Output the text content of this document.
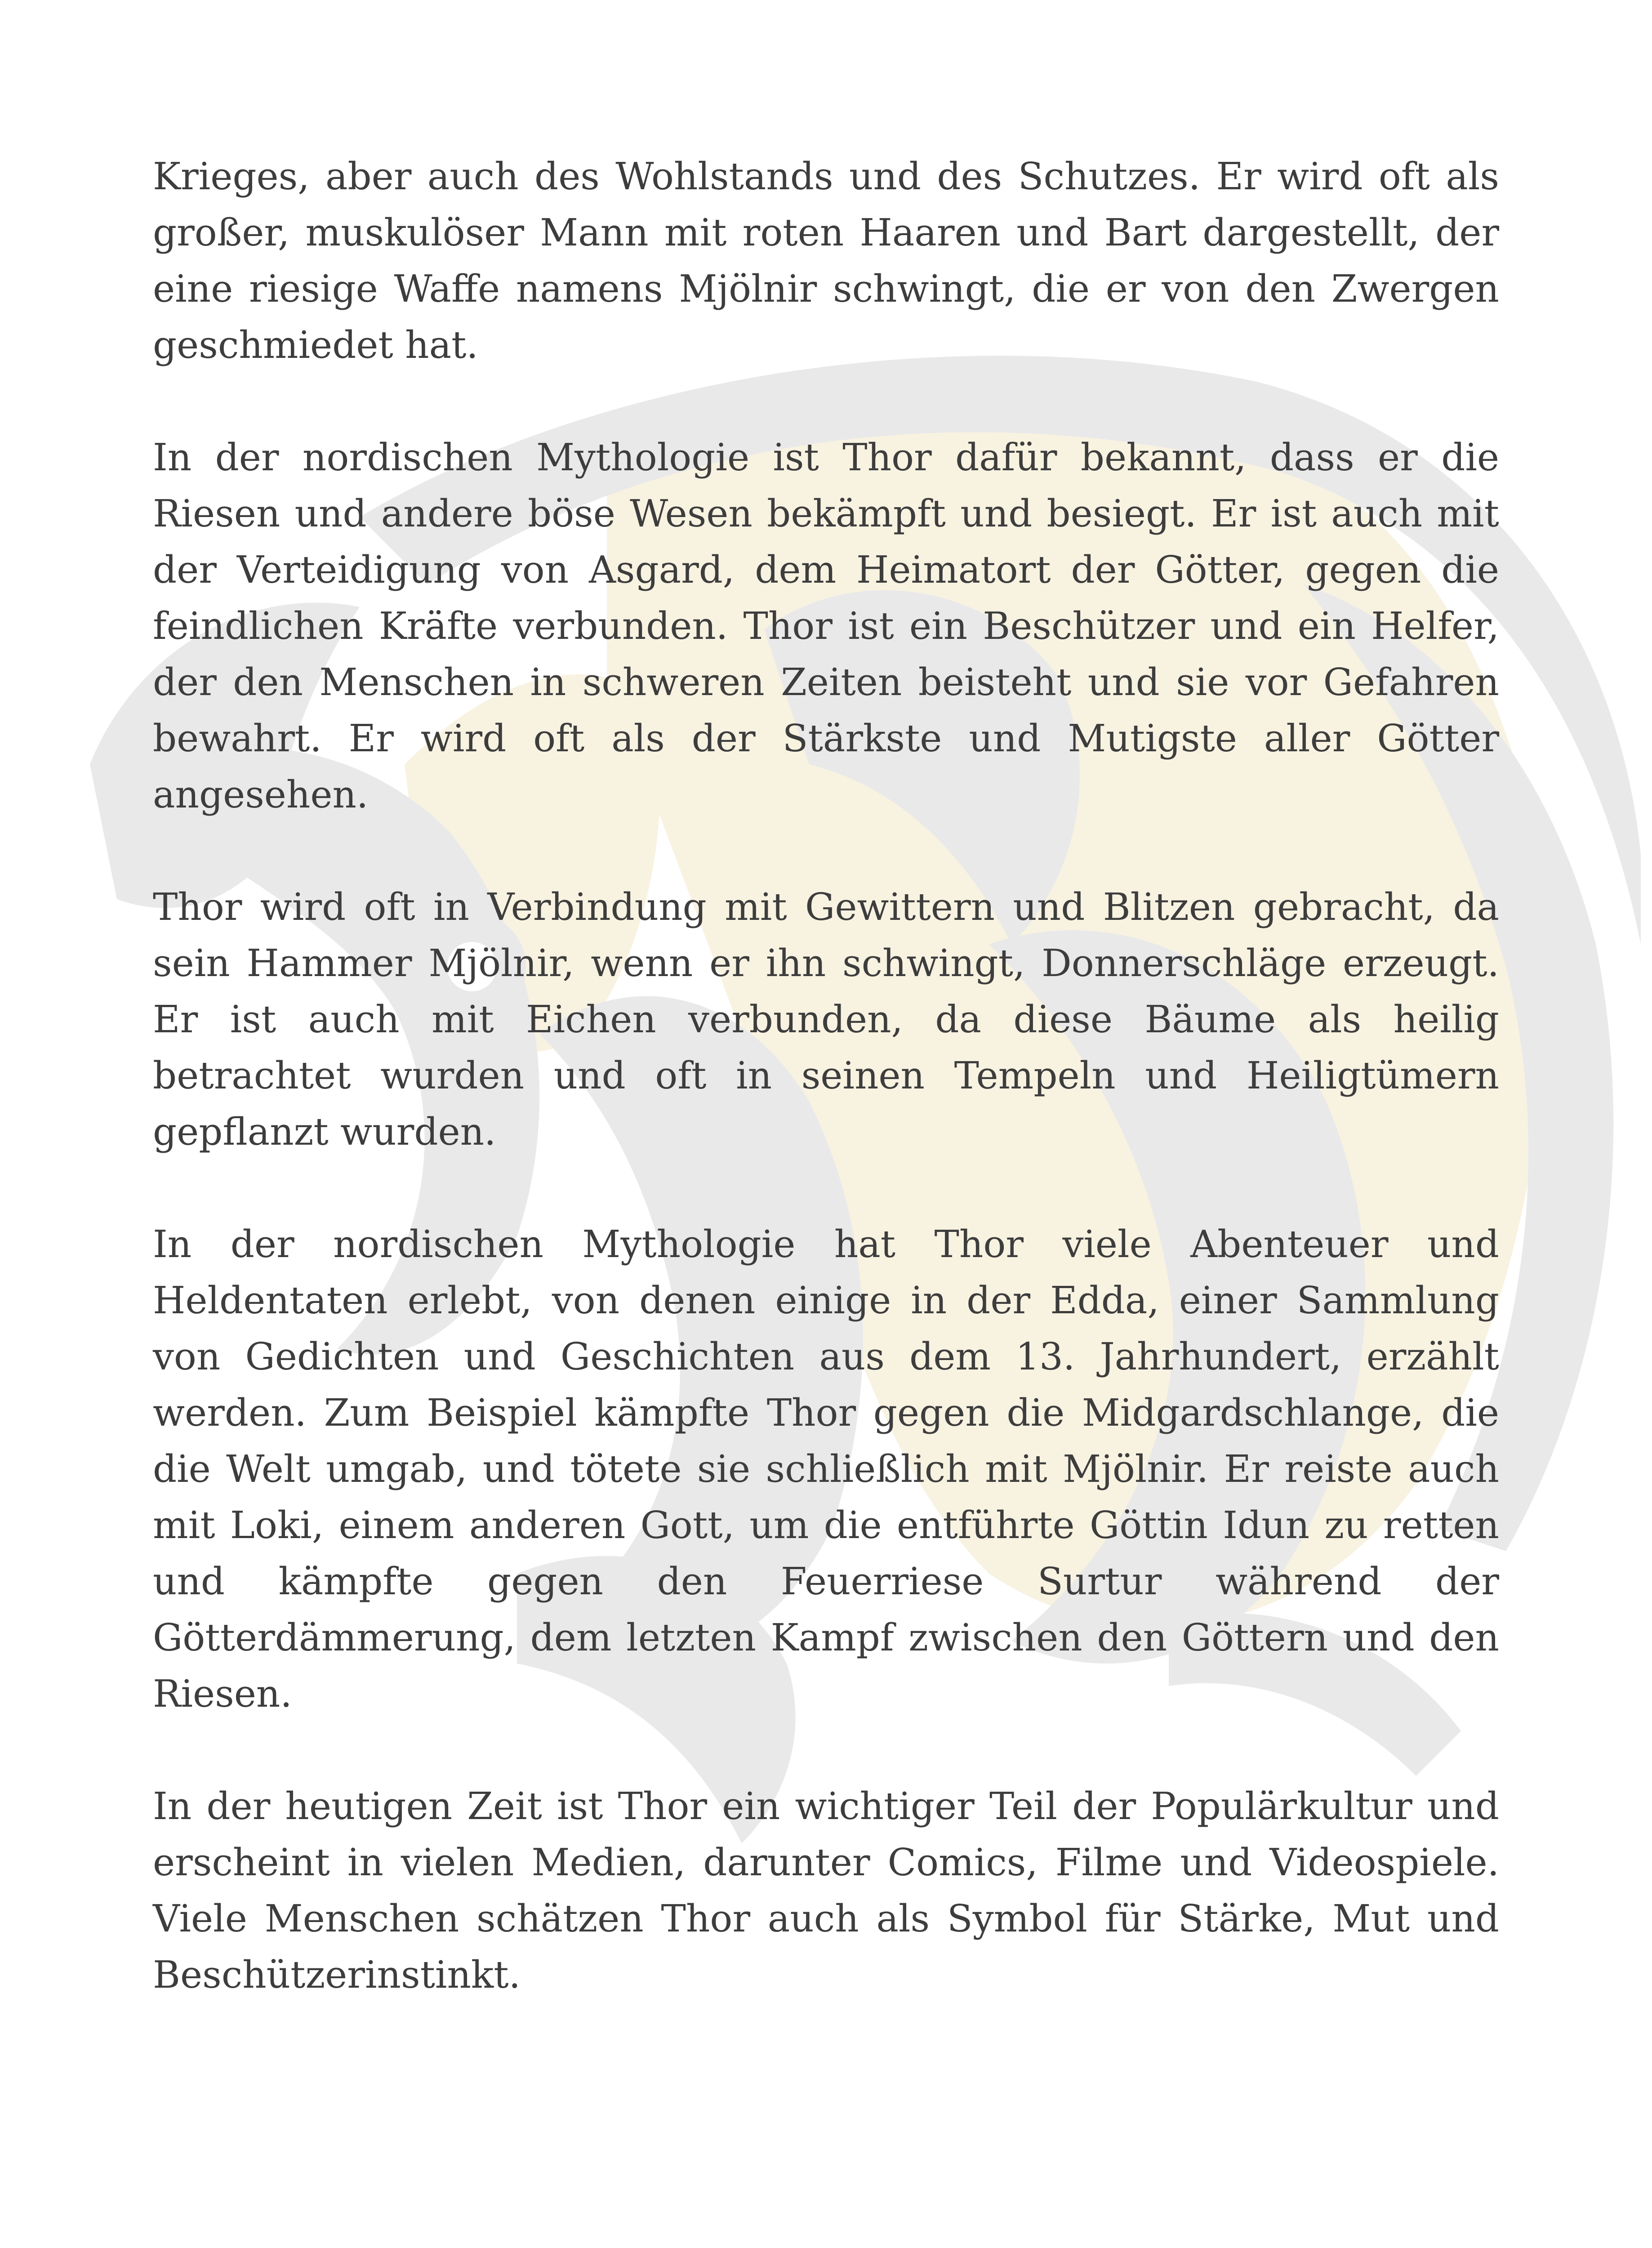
Krieges, aber auch des Wohlstands und des Schutzes. Er wird oft als großer, muskulöser Mann mit roten Haaren und Bart dargestellt, der eine riesige Waffe namens Mjölnir schwingt, die er von den Zwergen geschmiedet hat.

In der nordischen Mythologie ist Thor dafür bekannt, dass er die Riesen und andere böse Wesen bekämpft und besiegt. Er ist auch mit der Verteidigung von Asgard, dem Heimatort der Götter, gegen die feindlichen Kräfte verbunden. Thor ist ein Beschützer und ein Helfer, der den Menschen in schweren Zeiten beisteht und sie vor Gefahren bewahrt. Er wird oft als der Stärkste und Mutigste aller Götter angesehen.

Thor wird oft in Verbindung mit Gewittern und Blitzen gebracht, da sein Hammer Mjölnir, wenn er ihn schwingt, Donnerschläge erzeugt. Er ist auch mit Eichen verbunden, da diese Bäume als heilig betrachtet wurden und oft in seinen Tempeln und Heiligtümern gepflanzt wurden.

In der nordischen Mythologie hat Thor viele Abenteuer und Heldentaten erlebt, von denen einige in der Edda, einer Sammlung von Gedichten und Geschichten aus dem 13. Jahrhundert, erzählt werden. Zum Beispiel kämpfte Thor gegen die Midgardschlange, die die Welt umgab, und tötete sie schließlich mit Mjölnir. Er reiste auch mit Loki, einem anderen Gott, um die entführte Göttin Idun zu retten und kämpfte gegen den Feuerriese Surtur während der Götterdämmerung, dem letzten Kampf zwischen den Göttern und den Riesen.

In der heutigen Zeit ist Thor ein wichtiger Teil der Populärkultur und erscheint in vielen Medien, darunter Comics, Filme und Videospiele. Viele Menschen schätzen Thor auch als Symbol für Stärke, Mut und Beschützerinstinkt.
